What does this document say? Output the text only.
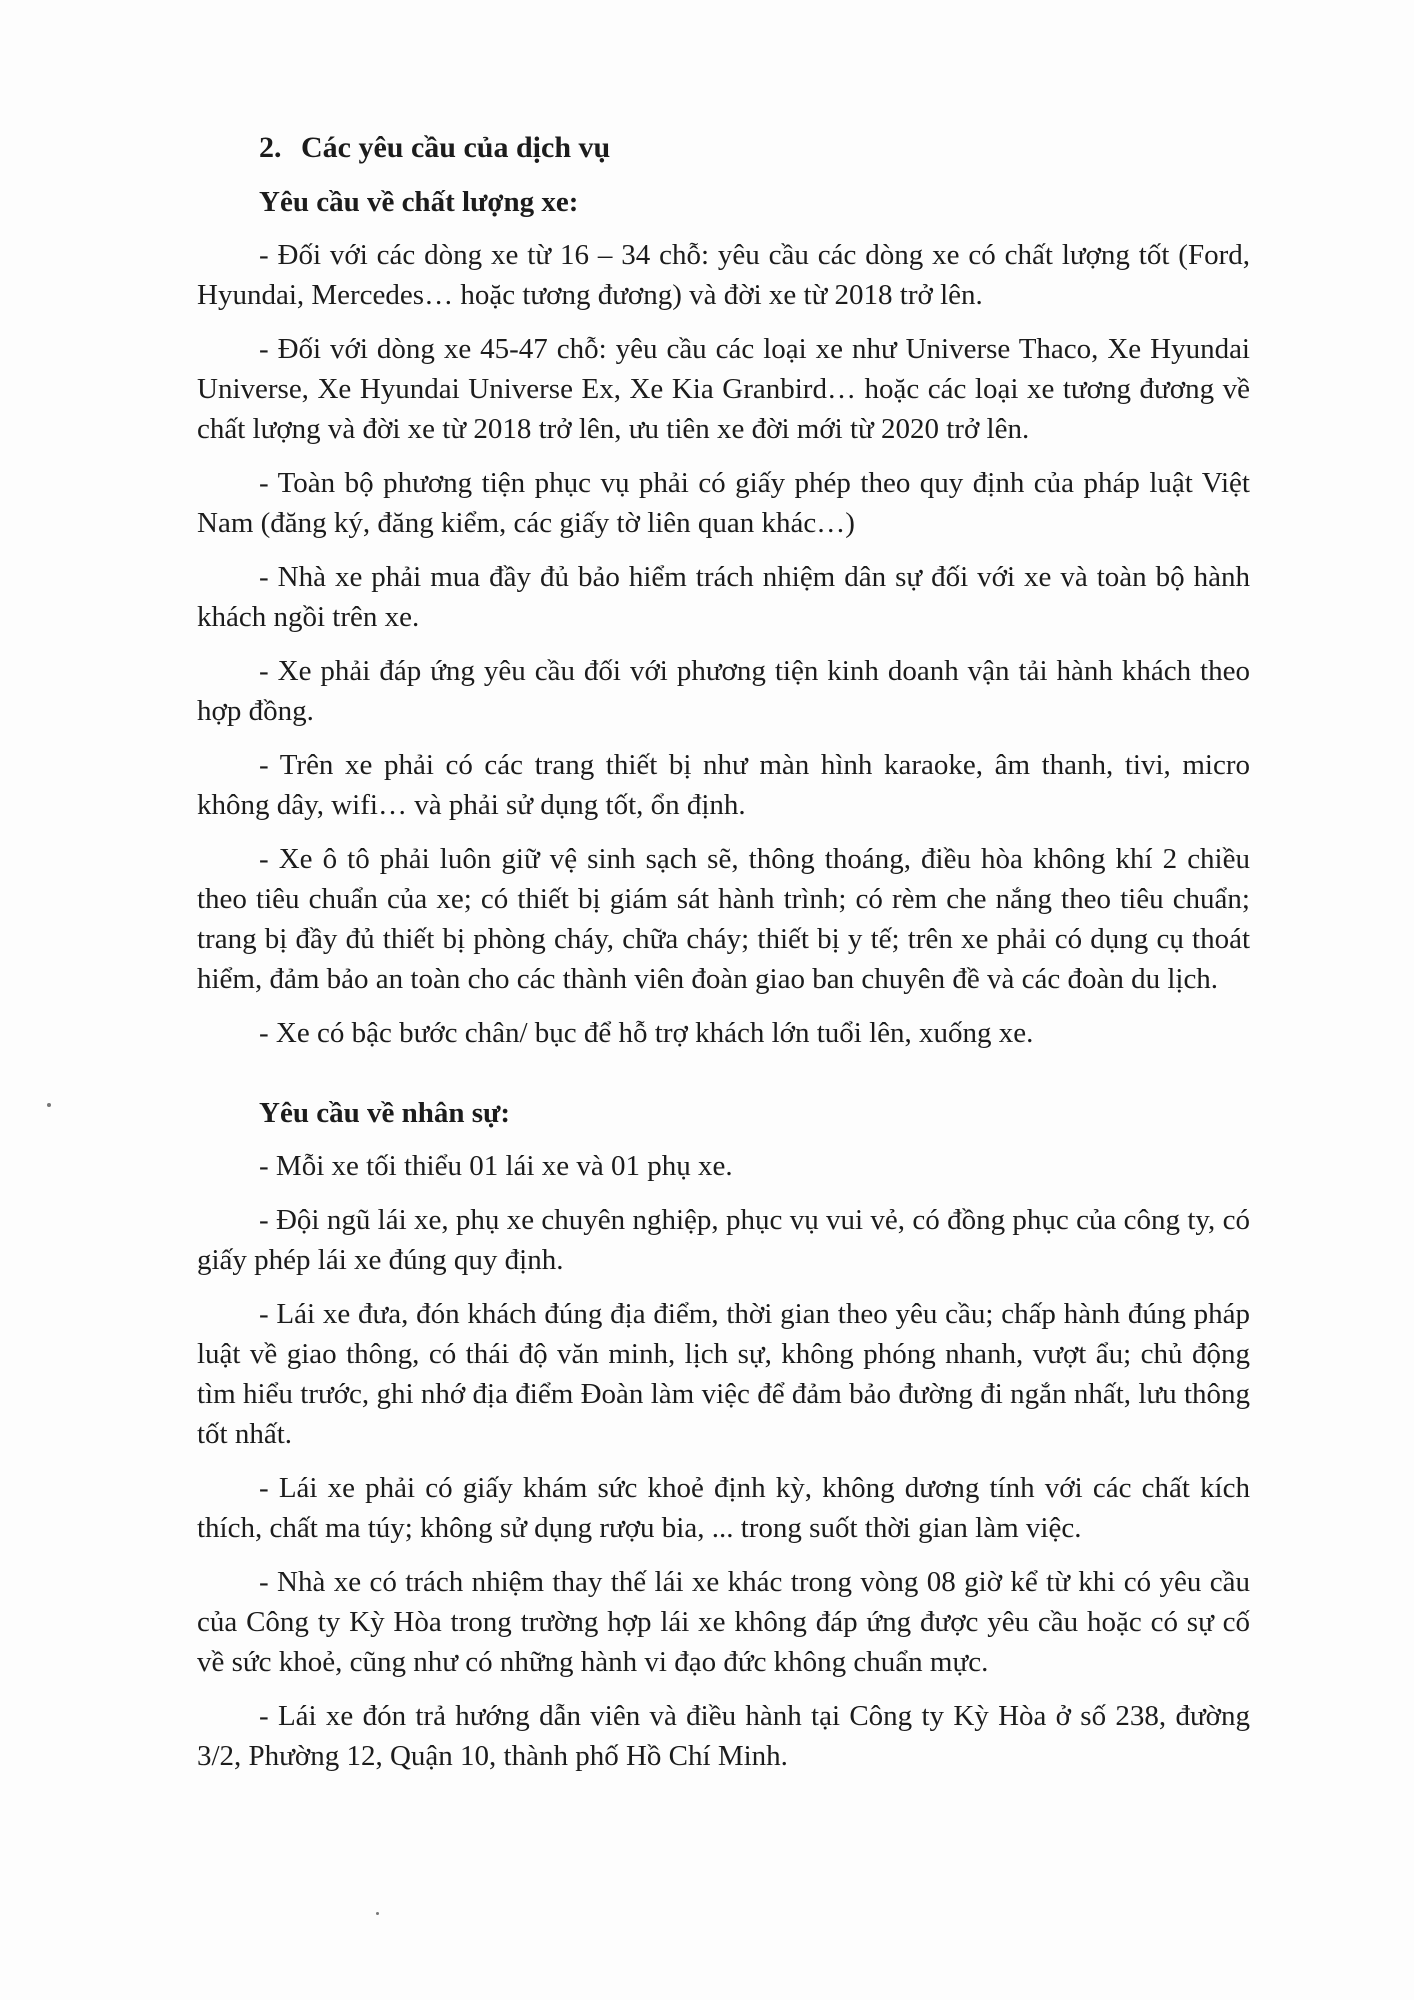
2. Các yêu cầu của dịch vụ
Yêu cầu về chất lượng xe:

- Đối với các dòng xe từ 16 – 34 chỗ: yêu cầu các dòng xe có chất lượng tốt (Ford, Hyundai, Mercedes… hoặc tương đương) và đời xe từ 2018 trở lên.

- Đối với dòng xe 45-47 chỗ: yêu cầu các loại xe như Universe Thaco, Xe Hyundai Universe, Xe Hyundai Universe Ex, Xe Kia Granbird… hoặc các loại xe tương đương về chất lượng và đời xe từ 2018 trở lên, ưu tiên xe đời mới từ 2020 trở lên.

- Toàn bộ phương tiện phục vụ phải có giấy phép theo quy định của pháp luật Việt Nam (đăng ký, đăng kiểm, các giấy tờ liên quan khác…)

- Nhà xe phải mua đầy đủ bảo hiểm trách nhiệm dân sự đối với xe và toàn bộ hành khách ngồi trên xe.

- Xe phải đáp ứng yêu cầu đối với phương tiện kinh doanh vận tải hành khách theo hợp đồng.

- Trên xe phải có các trang thiết bị như màn hình karaoke, âm thanh, tivi, micro không dây, wifi… và phải sử dụng tốt, ổn định.

- Xe ô tô phải luôn giữ vệ sinh sạch sẽ, thông thoáng, điều hòa không khí 2 chiều theo tiêu chuẩn của xe; có thiết bị giám sát hành trình; có rèm che nắng theo tiêu chuẩn; trang bị đầy đủ thiết bị phòng cháy, chữa cháy; thiết bị y tế; trên xe phải có dụng cụ thoát hiểm, đảm bảo an toàn cho các thành viên đoàn giao ban chuyên đề và các đoàn du lịch.

- Xe có bậc bước chân/ bục để hỗ trợ khách lớn tuổi lên, xuống xe.

Yêu cầu về nhân sự:

- Mỗi xe tối thiểu 01 lái xe và 01 phụ xe.

- Đội ngũ lái xe, phụ xe chuyên nghiệp, phục vụ vui vẻ, có đồng phục của công ty, có giấy phép lái xe đúng quy định.

- Lái xe đưa, đón khách đúng địa điểm, thời gian theo yêu cầu; chấp hành đúng pháp luật về giao thông, có thái độ văn minh, lịch sự, không phóng nhanh, vượt ẩu; chủ động tìm hiểu trước, ghi nhớ địa điểm Đoàn làm việc để đảm bảo đường đi ngắn nhất, lưu thông tốt nhất.

- Lái xe phải có giấy khám sức khoẻ định kỳ, không dương tính với các chất kích thích, chất ma túy; không sử dụng rượu bia, ... trong suốt thời gian làm việc.

- Nhà xe có trách nhiệm thay thế lái xe khác trong vòng 08 giờ kể từ khi có yêu cầu của Công ty Kỳ Hòa trong trường hợp lái xe không đáp ứng được yêu cầu hoặc có sự cố về sức khoẻ, cũng như có những hành vi đạo đức không chuẩn mực.

- Lái xe đón trả hướng dẫn viên và điều hành tại Công ty Kỳ Hòa ở số 238, đường 3/2, Phường 12, Quận 10, thành phố Hồ Chí Minh.
